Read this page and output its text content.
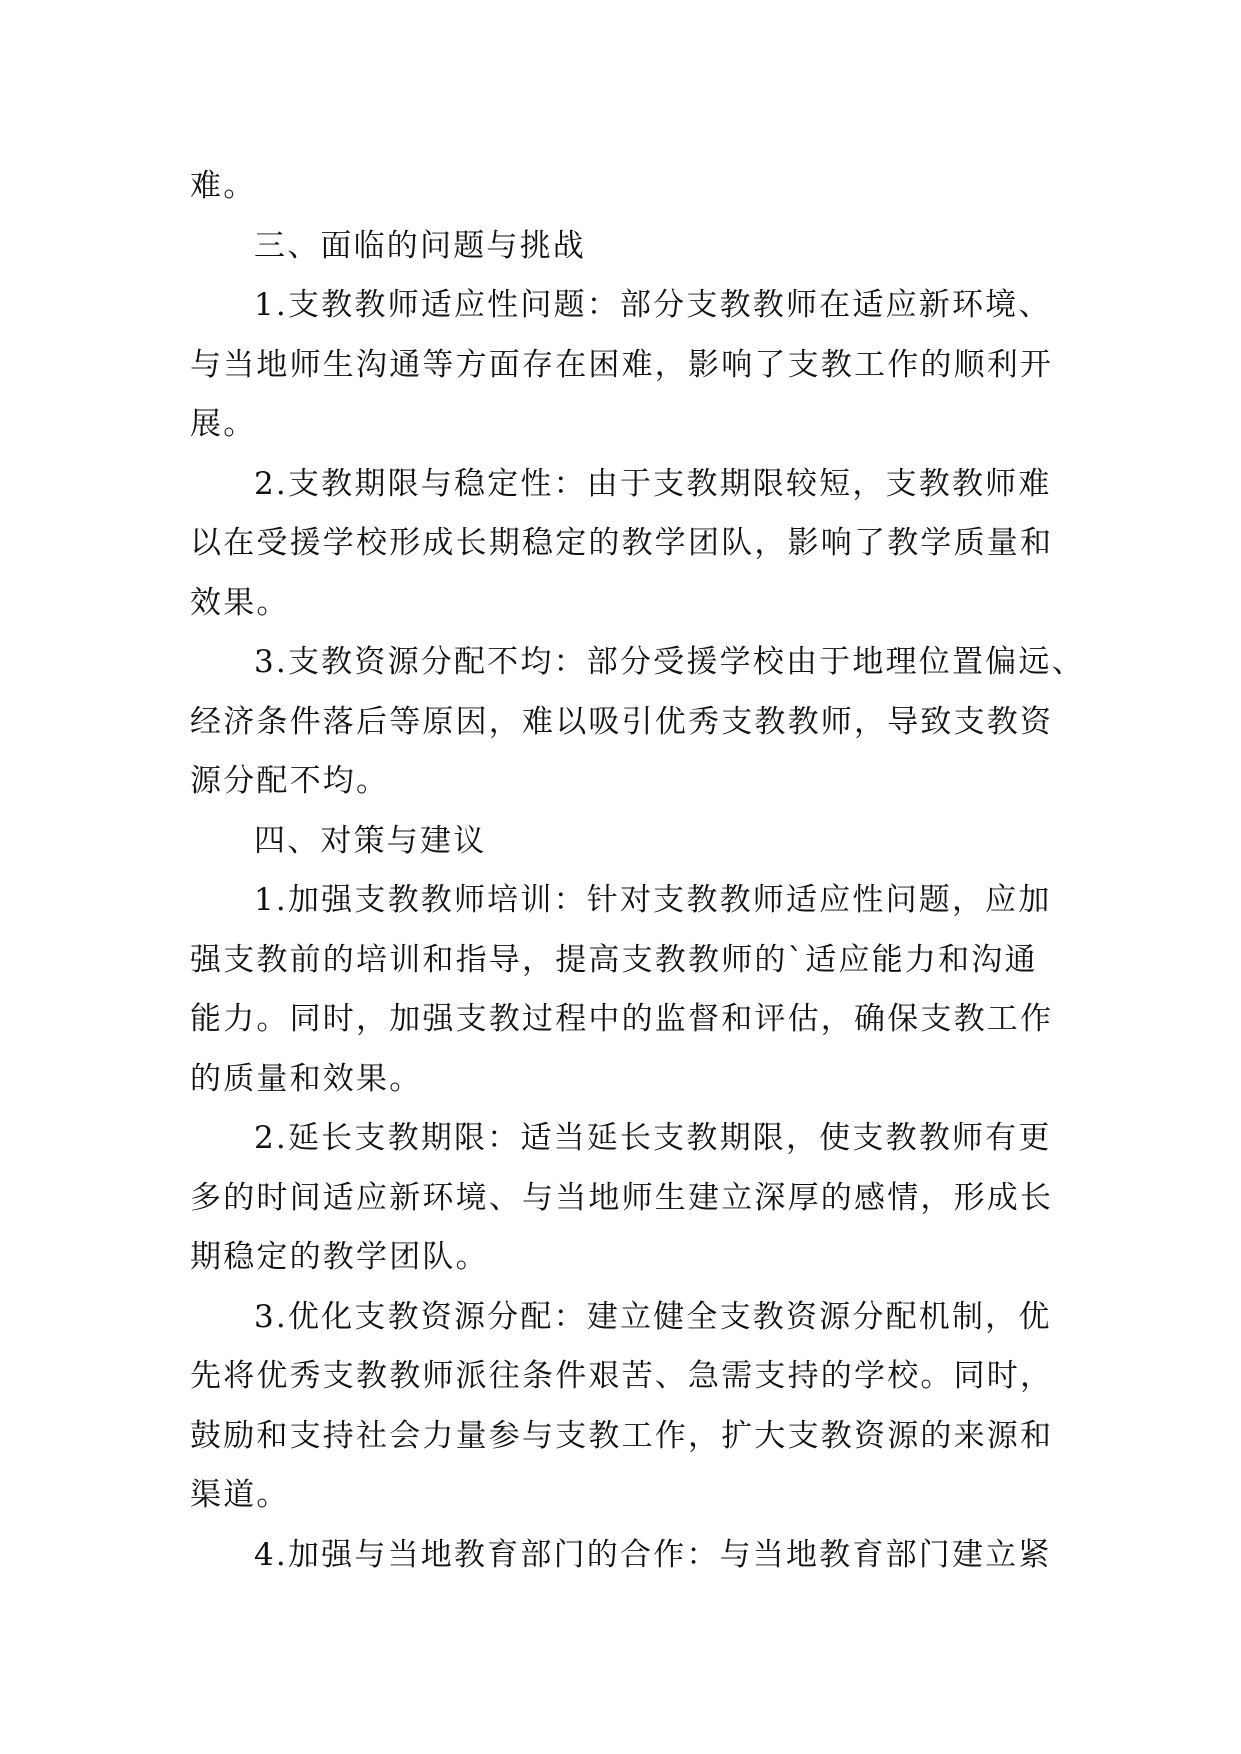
难。

三、面临的问题与挑战

1.支教教师适应性问题：部分支教教师在适应新环境、

与当地师生沟通等方面存在困难，影响了支教工作的顺利开

展。

2.支教期限与稳定性：由于支教期限较短，支教教师难

以在受援学校形成长期稳定的教学团队，影响了教学质量和

效果。

3.支教资源分配不均：部分受援学校由于地理位置偏远、

经济条件落后等原因，难以吸引优秀支教教师，导致支教资

源分配不均。

四、对策与建议

1.加强支教教师培训：针对支教教师适应性问题，应加

强支教前的培训和指导，提高支教教师的`适应能力和沟通

能力。同时，加强支教过程中的监督和评估，确保支教工作

的质量和效果。

2.延长支教期限：适当延长支教期限，使支教教师有更

多的时间适应新环境、与当地师生建立深厚的感情，形成长

期稳定的教学团队。

3.优化支教资源分配：建立健全支教资源分配机制，优

先将优秀支教教师派往条件艰苦、急需支持的学校。同时，

鼓励和支持社会力量参与支教工作，扩大支教资源的来源和

渠道。

4.加强与当地教育部门的合作：与当地教育部门建立紧
